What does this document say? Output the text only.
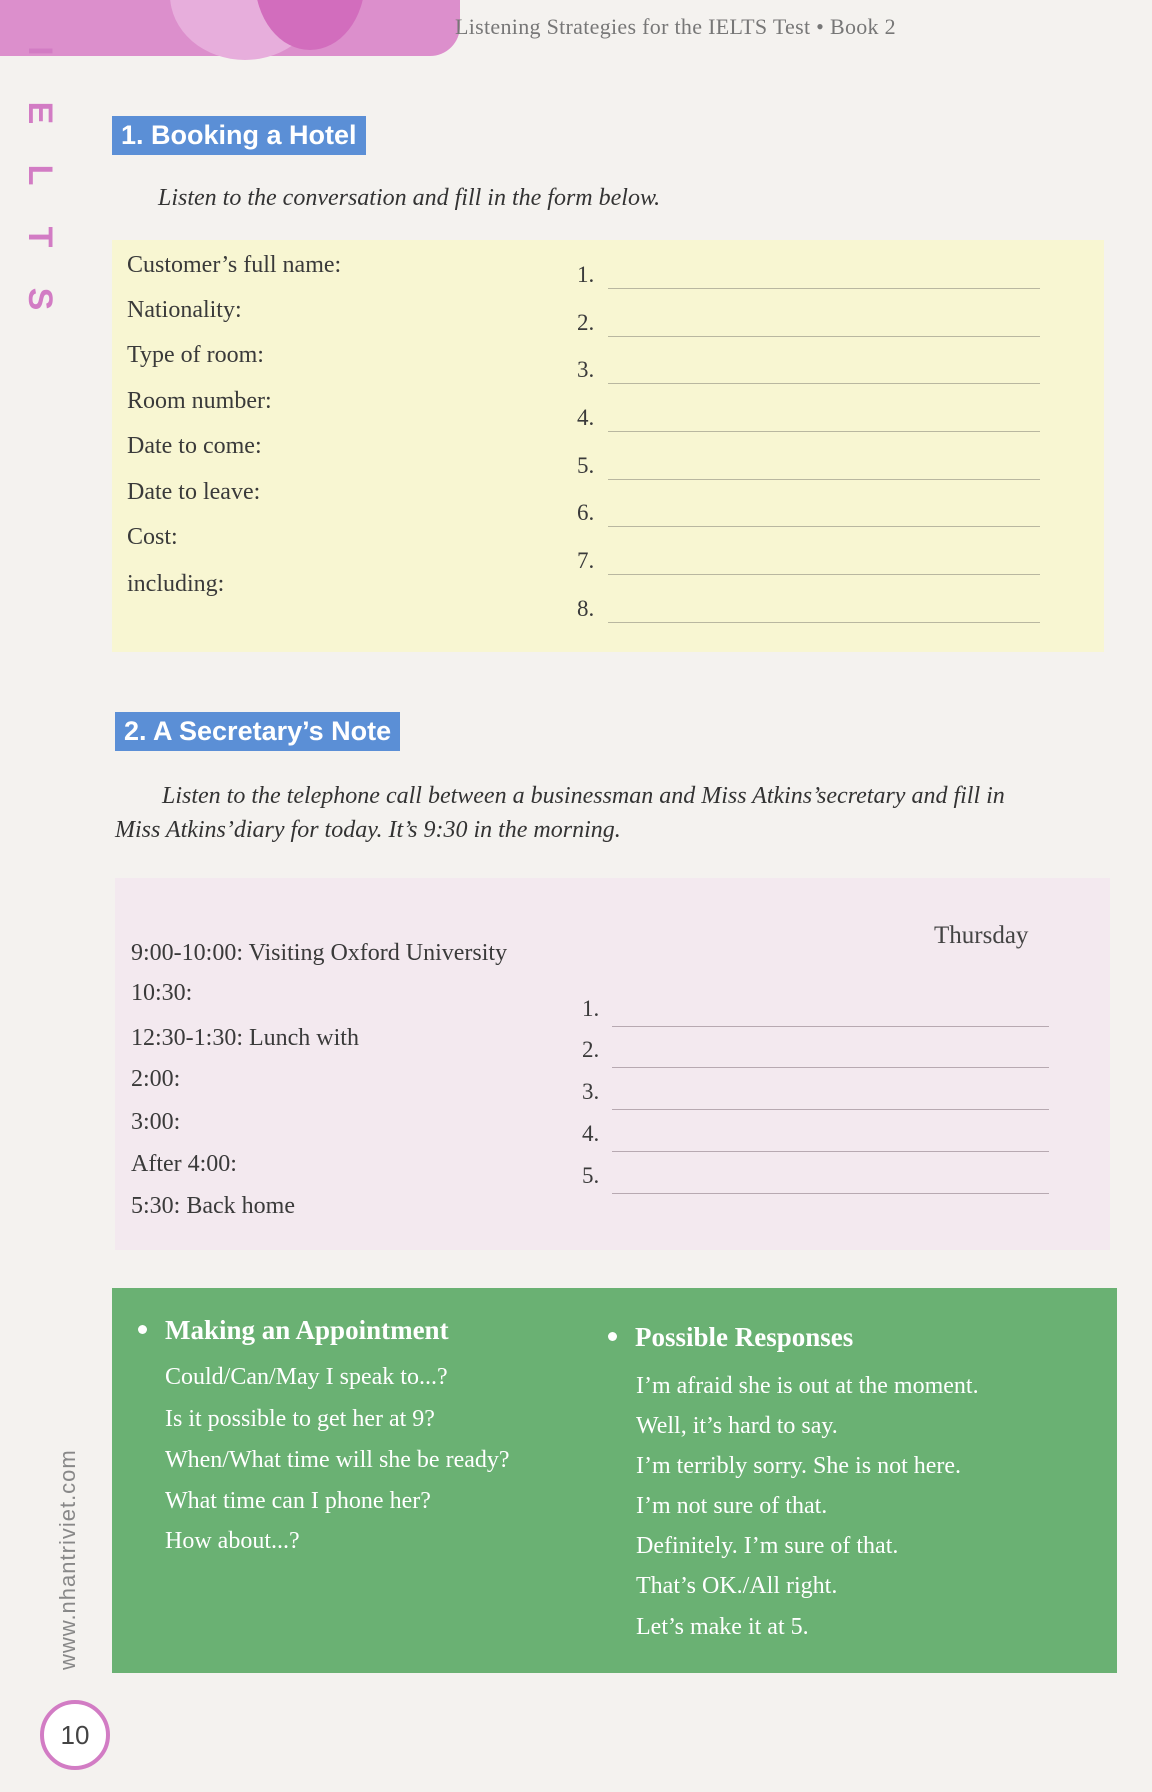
Listening Strategies for the IELTS Test • Book 2
I
E
L
T
S
www.nhantriviet.com
10
1. Booking a Hotel
Listen to the conversation and fill in the form below.
Customer’s full name:
Nationality:
Type of room:
Room number:
Date to come:
Date to leave:
Cost:
including:
1.
2.
3.
4.
5.
6.
7.
8.
2. A Secretary’s Note
Listen to the telephone call between a businessman and Miss Atkins’secretary and fill in
Miss Atkins’diary for today. It’s 9:30 in the morning.
Thursday
9:00-10:00: Visiting Oxford University
10:30:
12:30-1:30: Lunch with
2:00:
3:00:
After 4:00:
5:30: Back home
1.
2.
3.
4.
5.
Making an Appointment
Could/Can/May I speak to...?
Is it possible to get her at 9?
When/What time will she be ready?
What time can I phone her?
How about...?
Possible Responses
I’m afraid she is out at the moment.
Well, it’s hard to say.
I’m terribly sorry. She is not here.
I’m not sure of that.
Definitely. I’m sure of that.
That’s OK./All right.
Let’s make it at 5.
